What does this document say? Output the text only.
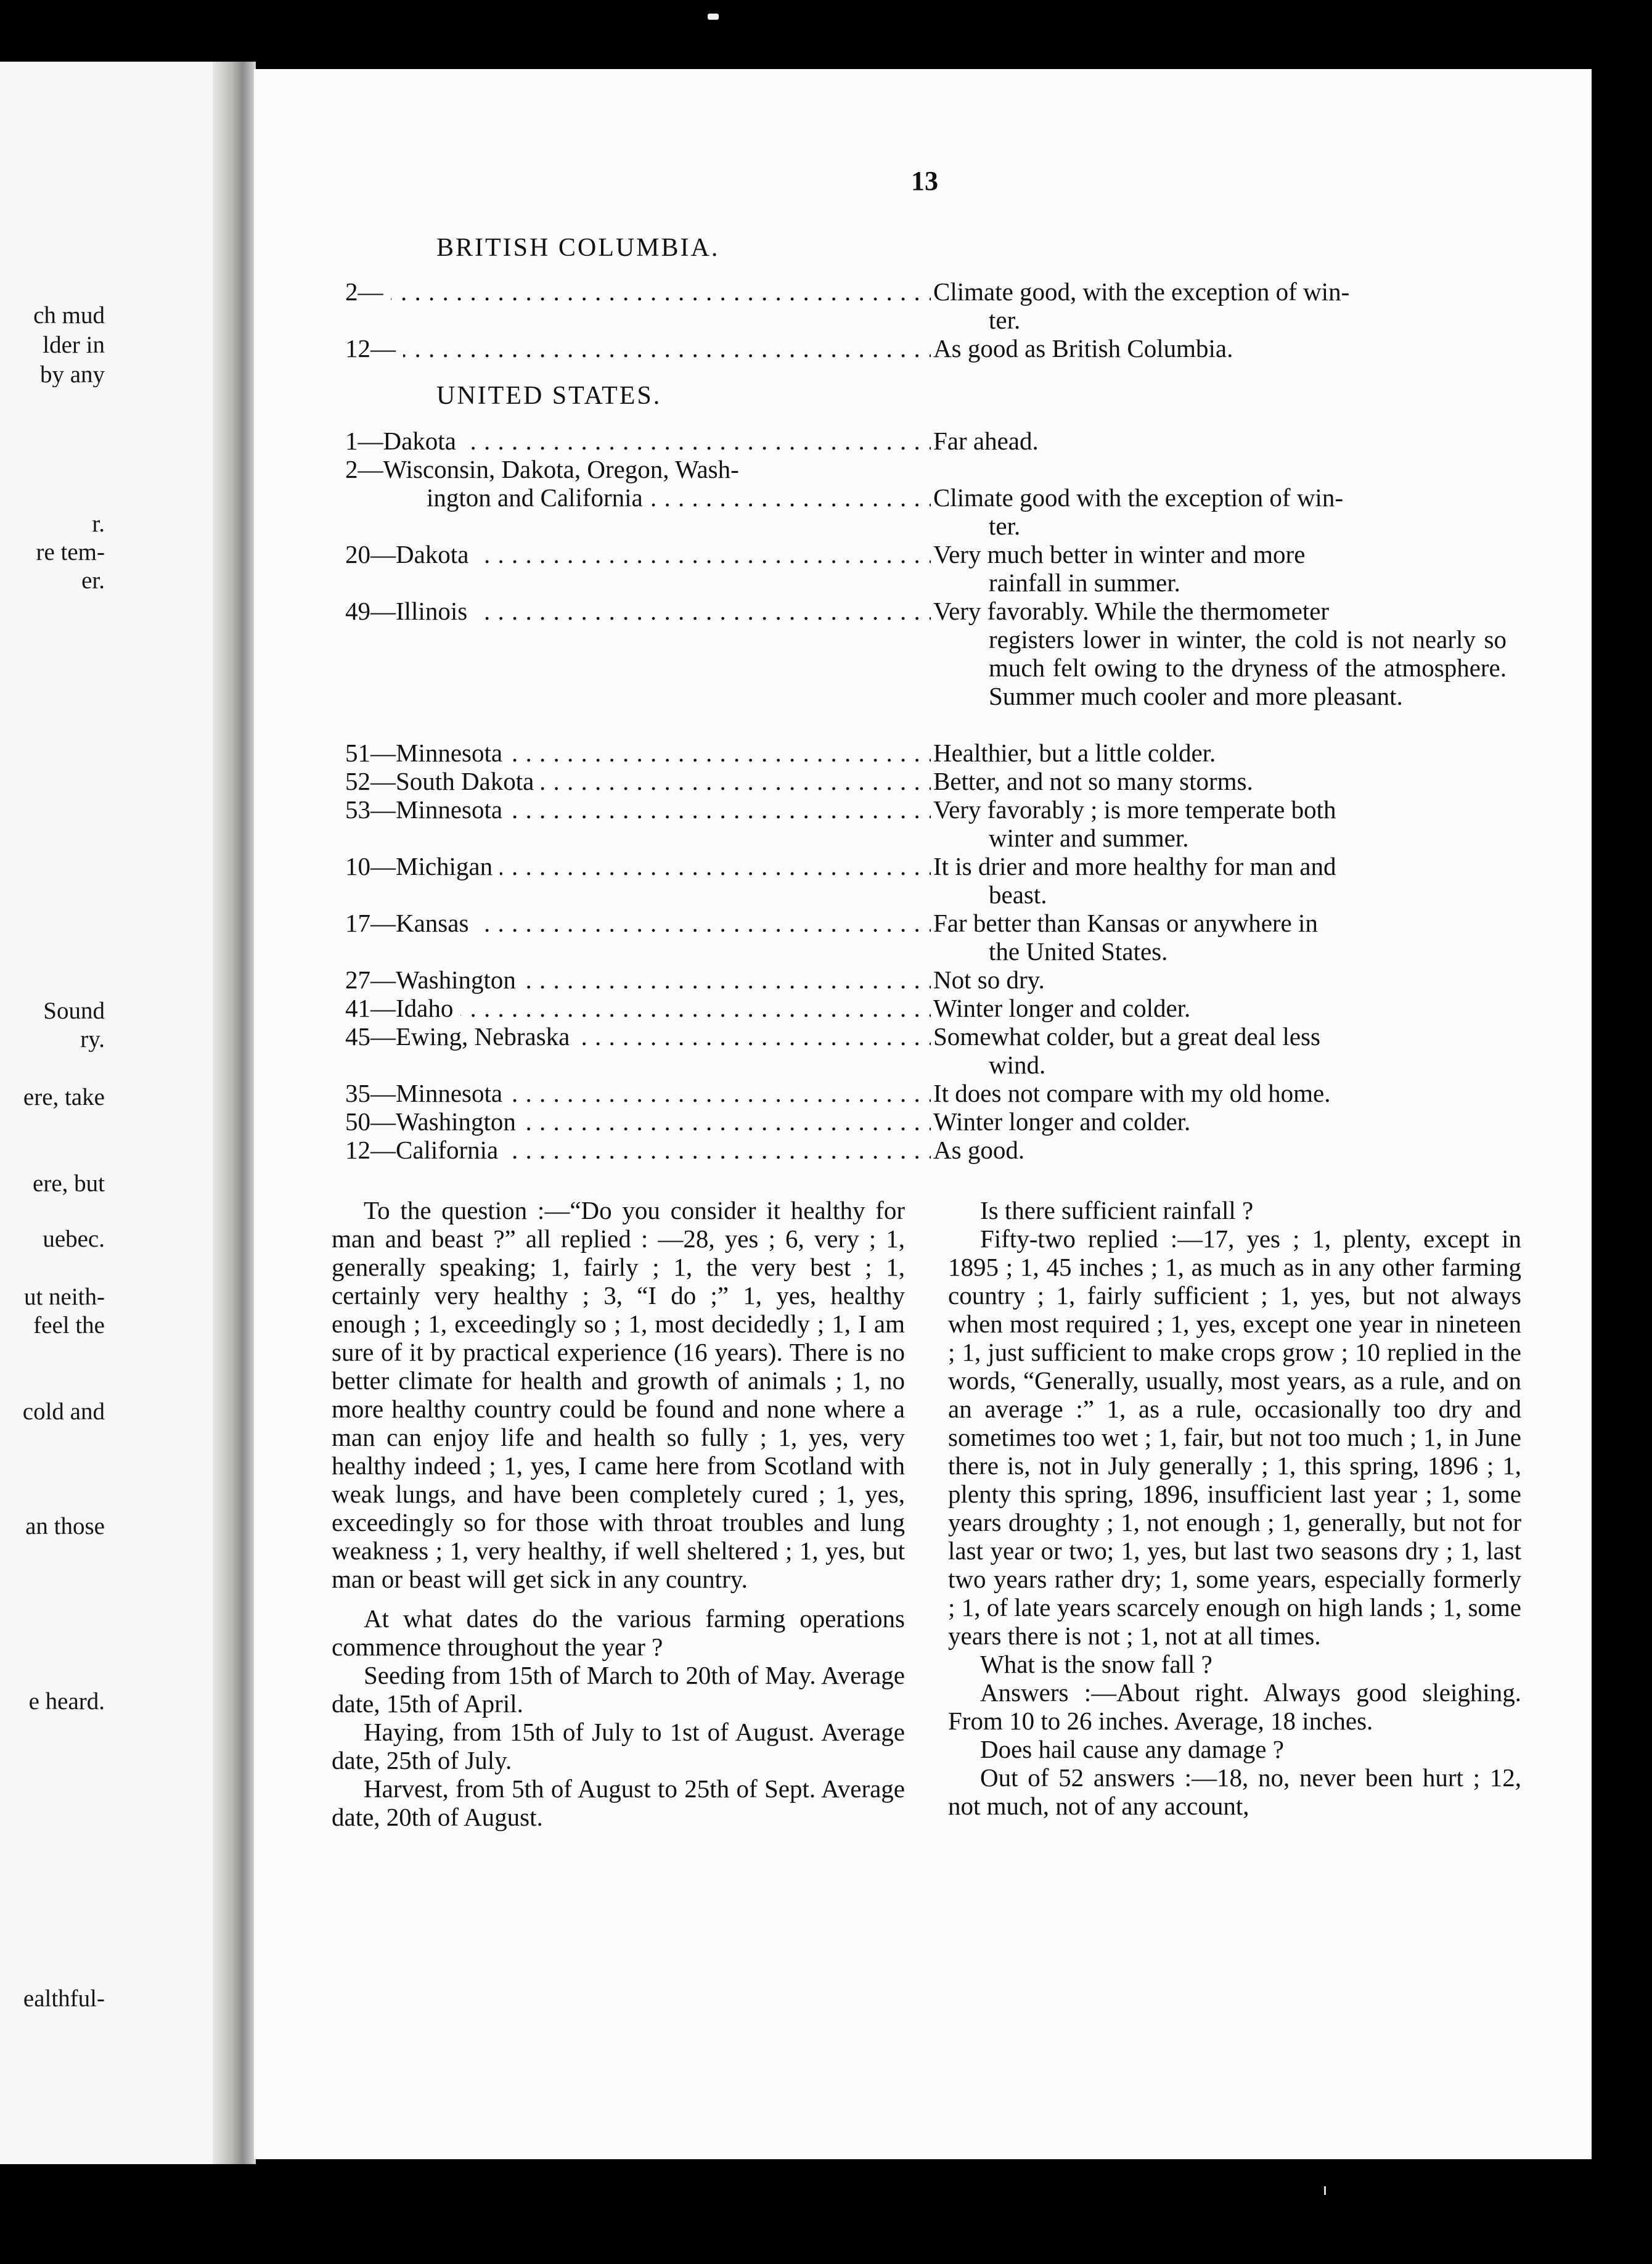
ch mud
lder in
by any
r.
re tem-
er.
Sound
ry.
ere, take
ere, but
uebec.
ut neith-
feel the
cold and
an those
e heard.
ealthful-
13
BRITISH COLUMBIA.
UNITED STATES.
2— . . .	Climate good, with the exception of win-
ter.
12— . . .	As good as British Columbia.
1—Dakota . . .	Far ahead.
2—Wisconsin, Dakota, Oregon, Wash-
ington and California
. . .	Climate good with the exception of win-
ter.
20—Dakota . . .	Very much better in winter and more
rainfall in summer.
49—Illinois . . .	Very favorably. While the thermometer
registers lower in winter, the cold is not nearly so much felt owing to the dryness of the atmosphere. Summer much cooler and more pleasant.
51—Minnesota . . .	Healthier, but a little colder.
52—South Dakota . . .	Better, and not so many storms.
53—Minnesota . . .	Very favorably ; is more temperate both
winter and summer.
10—Michigan . . .	It is drier and more healthy for man and
beast.
17—Kansas . . .	Far better than Kansas or anywhere in
the United States.
27—Washington . . .	Not so dry.
41—Idaho . . .	Winter longer and colder.
45—Ewing, Nebraska . . .	Somewhat colder, but a great deal less
wind.
35—Minnesota . . .	It does not compare with my old home.
50—Washington . . .	Winter longer and colder.
12—California . . .	As good.

To the question :—“Do you consider it healthy for man and beast ?” all replied : —28, yes ; 6, very ; 1, generally speaking; 1, fairly ; 1, the very best ; 1, certainly very healthy ; 3, “I do ;” 1, yes, healthy enough ; 1, exceedingly so ; 1, most decidedly ; 1, I am sure of it by practical experience (16 years). There is no better climate for health and growth of animals ; 1, no more healthy country could be found and none where a man can enjoy life and health so fully ; 1, yes, very healthy indeed ; 1, yes, I came here from Scotland with weak lungs, and have been completely cured ; 1, yes, exceedingly so for those with throat troubles and lung weakness ; 1, very healthy, if well sheltered ; 1, yes, but man or beast will get sick in any country.

At what dates do the various farming operations commence throughout the year ?

Seeding from 15th of March to 20th of May. Average date, 15th of April.

Haying, from 15th of July to 1st of August. Average date, 25th of July.

Harvest, from 5th of August to 25th of Sept. Average date, 20th of August.

Is there sufficient rainfall ?

Fifty-two replied :—17, yes ; 1, plenty, except in 1895 ; 1, 45 inches ; 1, as much as in any other farming country ; 1, fairly sufficient ; 1, yes, but not always when most required ; 1, yes, except one year in nineteen ; 1, just sufficient to make crops grow ; 10 replied in the words, “Generally, usually, most years, as a rule, and on an average :” 1, as a rule, occasionally too dry and sometimes too wet ; 1, fair, but not too much ; 1, in June there is, not in July generally ; 1, this spring, 1896 ; 1, plenty this spring, 1896, insufficient last year ; 1, some years droughty ; 1, not enough ; 1, generally, but not for last year or two; 1, yes, but last two seasons dry ; 1, last two years rather dry; 1, some years, especially formerly ; 1, of late years scarcely enough on high lands ; 1, some years there is not ; 1, not at all times.

What is the snow fall ?

Answers :—About right. Always good sleighing. From 10 to 26 inches. Average, 18 inches.

Does hail cause any damage ?

Out of 52 answers :—18, no, never been hurt ; 12, not much, not of any account,
